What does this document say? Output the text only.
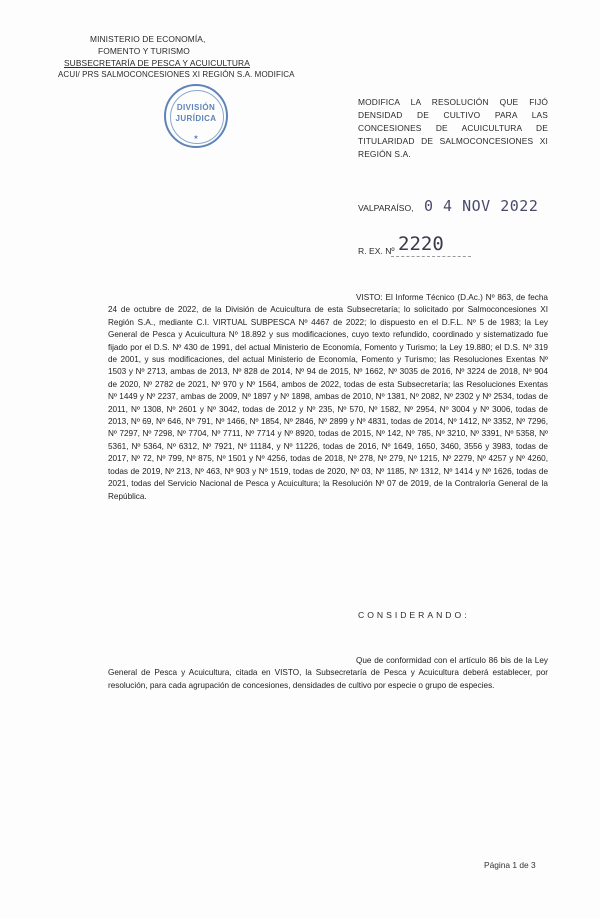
MINISTERIO DE ECONOMÍA,
FOMENTO Y TURISMO
SUBSECRETARÍA DE PESCA Y ACUICULTURA
ACUI/ PRS SALMOCONCESIONES XI REGIÓN S.A. MODIFICA
DIVISIÓN
JURÍDICA
★
MODIFICA LA RESOLUCIÓN QUE FIJÓ DENSIDAD DE CULTIVO PARA LAS CONCESIONES DE ACUICULTURA DE TITULARIDAD DE SALMOCONCESIONES XI REGIÓN S.A.
VALPARAÍSO, 0 4 NOV 2022
R. EX. Nº 2220
VISTO: El Informe Técnico (D.Ac.) Nº 863, de fecha 24 de octubre de 2022, de la División de Acuicultura de esta Subsecretaría; lo solicitado por Salmoconcesiones XI Región S.A., mediante C.I. VIRTUAL SUBPESCA Nº 4467 de 2022; lo dispuesto en el D.F.L. Nº 5 de 1983; la Ley General de Pesca y Acuicultura Nº 18.892 y sus modificaciones, cuyo texto refundido, coordinado y sistematizado fue fijado por el D.S. Nº 430 de 1991, del actual Ministerio de Economía, Fomento y Turismo; la Ley 19.880; el D.S. Nº 319 de 2001, y sus modificaciones, del actual Ministerio de Economía, Fomento y Turismo; las Resoluciones Exentas Nº 1503 y Nº 2713, ambas de 2013, Nº 828 de 2014, Nº 94 de 2015, Nº 1662, Nº 3035 de 2016, Nº 3224 de 2018, Nº 904 de 2020, Nº 2782 de 2021, Nº 970 y Nº 1564, ambos de 2022, todas de esta Subsecretaría; las Resoluciones Exentas Nº 1449 y Nº 2237, ambas de 2009, Nº 1897 y Nº 1898, ambas de 2010, Nº 1381, Nº 2082, Nº 2302 y Nº 2534, todas de 2011, Nº 1308, Nº 2601 y Nº 3042, todas de 2012 y Nº 235, Nº 570, Nº 1582, Nº 2954, Nº 3004 y Nº 3006, todas de 2013, Nº 69, Nº 646, Nº 791, Nº 1466, Nº 1854, Nº 2846, Nº 2899 y Nº 4831, todas de 2014, Nº 1412, Nº 3352, Nº 7296, Nº 7297, Nº 7298, Nº 7704, Nº 7711, Nº 7714 y Nº 8920, todas de 2015, Nº 142, Nº 785, Nº 3210, Nº 3391, Nº 5358, Nº 5361, Nº 5364, Nº 6312, Nº 7921, Nº 11184, y Nº 11226, todas de 2016, Nº 1649, 1650, 3460, 3556 y 3983, todas de 2017, Nº 72, Nº 799, Nº 875, Nº 1501 y Nº 4256, todas de 2018, Nº 278, Nº 279, Nº 1215, Nº 2279, Nº 4257 y Nº 4260, todas de 2019, Nº 213, Nº 463, Nº 903 y Nº 1519, todas de 2020, Nº 03, Nº 1185, Nº 1312, Nº 1414 y Nº 1626, todas de 2021, todas del Servicio Nacional de Pesca y Acuicultura; la Resolución Nº 07 de 2019, de la Contraloría General de la República.
CONSIDERANDO:
Que de conformidad con el artículo 86 bis de la Ley General de Pesca y Acuicultura, citada en VISTO, la Subsecretaría de Pesca y Acuicultura deberá establecer, por resolución, para cada agrupación de concesiones, densidades de cultivo por especie o grupo de especies.
Página 1 de 3
